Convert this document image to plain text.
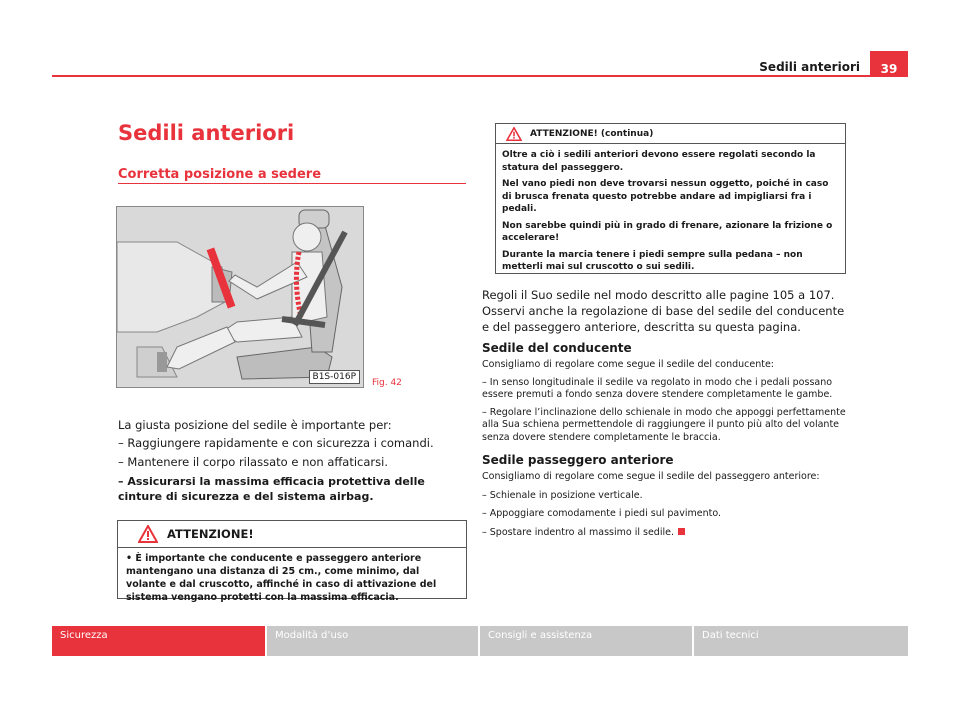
Sedili anteriori	39
Sedili anteriori
Corretta posizione a sedere
B1S-016P
Fig. 42
La giusta posizione del sedile è importante per:
– Raggiungere rapidamente e con sicurezza i comandi.
– Mantenere il corpo rilassato e non affaticarsi.
– Assicurarsi la massima efficacia protettiva delle cinture di sicurezza e del sistema airbag.
ATTENZIONE!
• È importante che conducente e passeggero anteriore mantengano una distanza di 25 cm., come minimo, dal volante e dal cruscotto, affinché in caso di attivazione del sistema vengano protetti con la massima efficacia.
ATTENZIONE! (continua)

Oltre a ciò i sedili anteriori devono essere regolati secondo la statura del passeggero.

Nel vano piedi non deve trovarsi nessun oggetto, poiché in caso di brusca frenata questo potrebbe andare ad impigliarsi fra i pedali.

Non sarebbe quindi più in grado di frenare, azionare la frizione o accelerare!

Durante la marcia tenere i piedi sempre sulla pedana – non metterli mai sul cruscotto o sui sedili.

Regoli il Suo sedile nel modo descritto alle pagine 105 a 107. Osservi anche la regolazione di base del sedile del conducente e del passeggero anteriore, descritta su questa pagina.

Sedile del conducente

Consigliamo di regolare come segue il sedile del conducente:

– In senso longitudinale il sedile va regolato in modo che i pedali possano essere premuti a fondo senza dovere stendere completamente le gambe.

– Regolare l’inclinazione dello schienale in modo che appoggi perfettamente alla Sua schiena permettendole di raggiungere il punto più alto del volante senza dovere stendere completamente le braccia.

Sedile passeggero anteriore

Consigliamo di regolare come segue il sedile del passeggero anteriore:

– Schienale in posizione verticale.

– Appoggiare comodamente i piedi sul pavimento.

– Spostare indentro al massimo il sedile.

Sicurezza	Modalità d’uso	Consigli e assistenza	Dati tecnici
